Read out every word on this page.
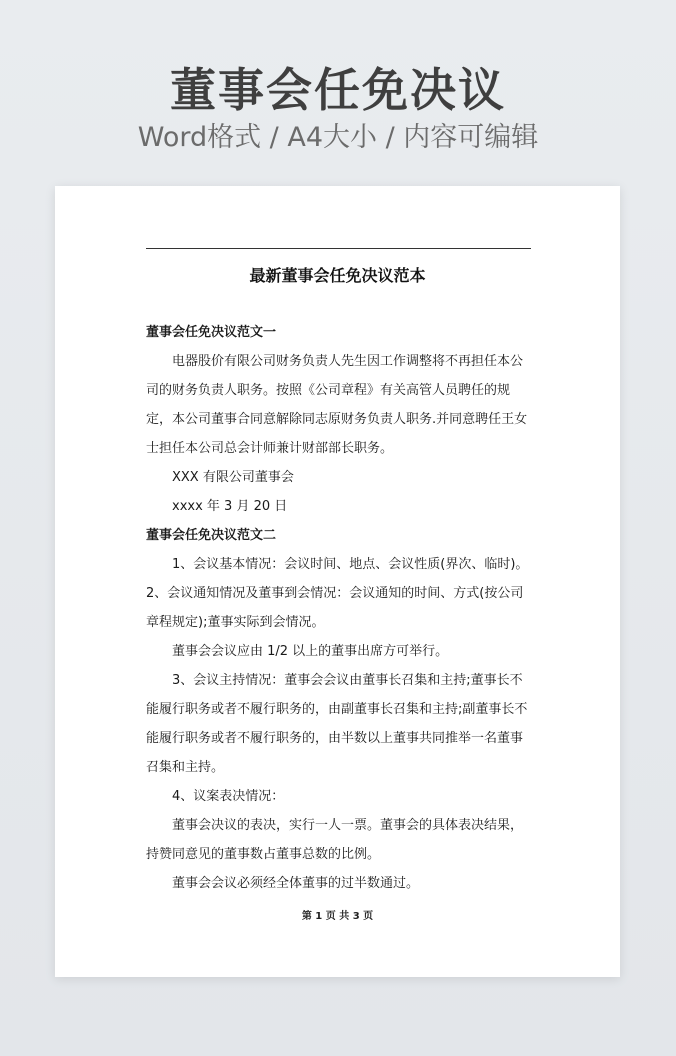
董事会任免决议
Word格式 / A4大小 / 内容可编辑
最新董事会任免决议范本

董事会任免决议范文一

电器股价有限公司财务负责人先生因工作调整将不再担任本公司的财务负责人职务。按照《公司章程》有关高管人员聘任的规定，本公司董事合同意解除同志原财务负责人职务.并同意聘任王女士担任本公司总会计师兼计财部部长职务。

XXX 有限公司董事会

xxxx 年 3 月 20 日

董事会任免决议范文二

1、会议基本情况：会议时间、地点、会议性质(界次、临时)。 2、会议通知情况及董事到会情况：会议通知的时间、方式(按公司章程规定);董事实际到会情况。

董事会会议应由 1/2 以上的董事出席方可举行。

3、会议主持情况：董事会会议由董事长召集和主持;董事长不能履行职务或者不履行职务的，由副董事长召集和主持;副董事长不能履行职务或者不履行职务的，由半数以上董事共同推举一名董事召集和主持。

4、议案表决情况：

董事会决议的表决，实行一人一票。董事会的具体表决结果，持赞同意见的董事数占董事总数的比例。

董事会会议必须经全体董事的过半数通过。

第 1 页 共 3 页
